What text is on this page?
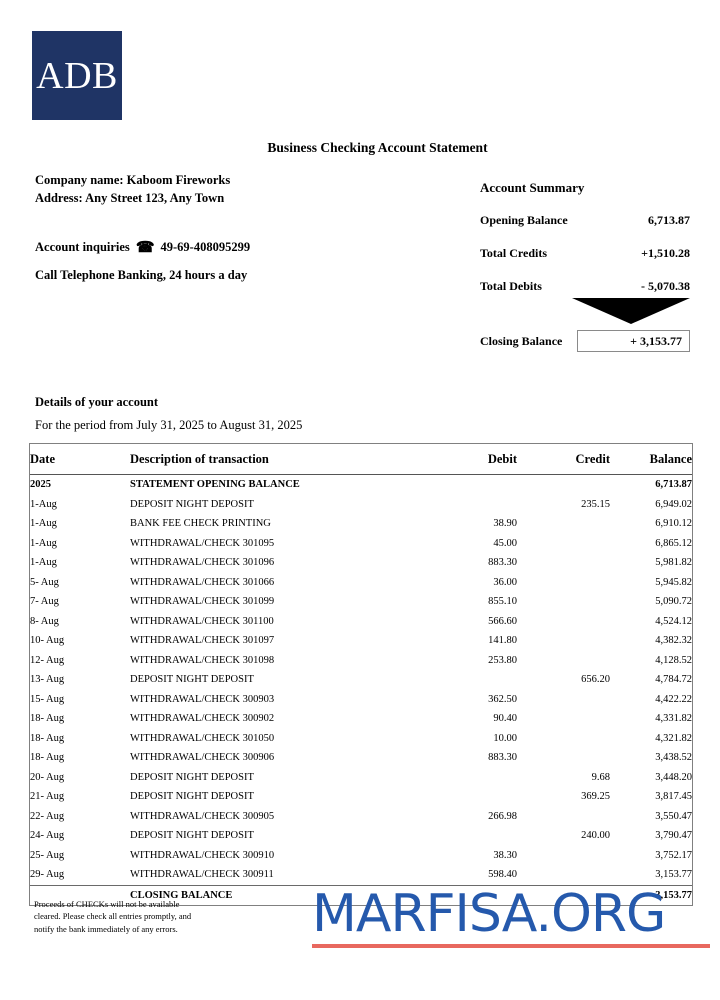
ADB
Business Checking Account Statement
Company name: Kaboom Fireworks
Address: Any Street 123, Any Town
Account inquiries ☎ 49-69-408095299
Call Telephone Banking, 24 hours a day
Account Summary
Opening Balance	6,713.87
Total Credits	+1,510.28
Total Debits	- 5,070.38
Closing Balance	+ 3,153.77
Details of your account
For the period from July 31, 2025 to August 31, 2025
Date	Description of transaction	Debit	Credit	Balance
2025	STATEMENT OPENING BALANCE			6,713.87
1-Aug	DEPOSIT NIGHT DEPOSIT		235.15	6,949.02
1-Aug	BANK FEE CHECK PRINTING	38.90		6,910.12
1-Aug	WITHDRAWAL/CHECK 301095	45.00		6,865.12
1-Aug	WITHDRAWAL/CHECK 301096	883.30		5,981.82
5- Aug	WITHDRAWAL/CHECK 301066	36.00		5,945.82
7- Aug	WITHDRAWAL/CHECK 301099	855.10		5,090.72
8- Aug	WITHDRAWAL/CHECK 301100	566.60		4,524.12
10- Aug	WITHDRAWAL/CHECK 301097	141.80		4,382.32
12- Aug	WITHDRAWAL/CHECK 301098	253.80		4,128.52
13- Aug	DEPOSIT NIGHT DEPOSIT		656.20	4,784.72
15- Aug	WITHDRAWAL/CHECK 300903	362.50		4,422.22
18- Aug	WITHDRAWAL/CHECK 300902	90.40		4,331.82
18- Aug	WITHDRAWAL/CHECK 301050	10.00		4,321.82
18- Aug	WITHDRAWAL/CHECK 300906	883.30		3,438.52
20- Aug	DEPOSIT NIGHT DEPOSIT		9.68	3,448.20
21- Aug	DEPOSIT NIGHT DEPOSIT		369.25	3,817.45
22- Aug	WITHDRAWAL/CHECK 300905	266.98		3,550.47
24- Aug	DEPOSIT NIGHT DEPOSIT		240.00	3,790.47
25- Aug	WITHDRAWAL/CHECK 300910	38.30		3,752.17
29- Aug	WITHDRAWAL/CHECK 300911	598.40		3,153.77
	CLOSING BALANCE			3,153.77
Proceeds of CHECKs will not be available
cleared. Please check all entries promptly, and
notify the bank immediately of any errors.	MARFISA.ORG
